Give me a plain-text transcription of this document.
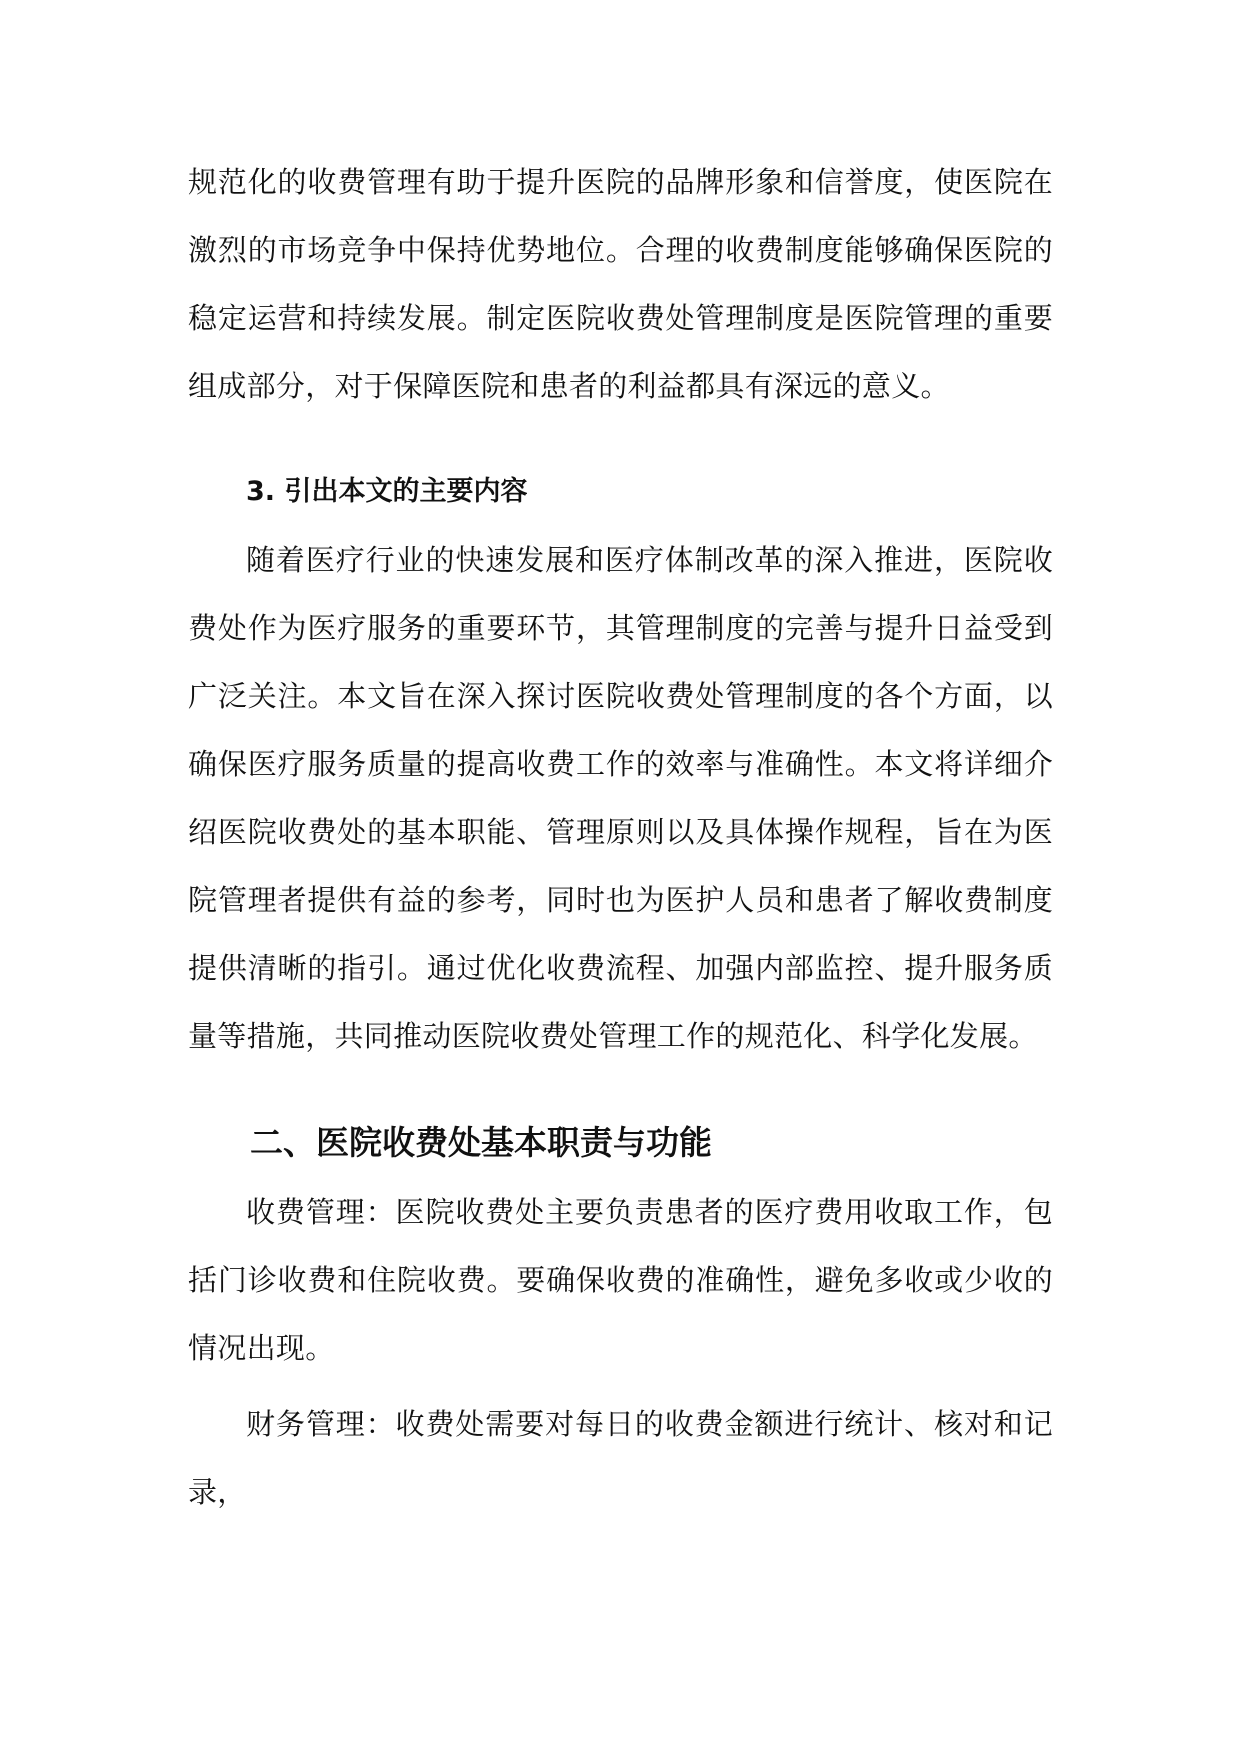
规范化的收费管理有助于提升医院的品牌形象和信誉度，使医院在激烈的市场竞争中保持优势地位。合理的收费制度能够确保医院的稳定运营和持续发展。制定医院收费处管理制度是医院管理的重要组成部分，对于保障医院和患者的利益都具有深远的意义。

3. 引出本文的主要内容

随着医疗行业的快速发展和医疗体制改革的深入推进，医院收费处作为医疗服务的重要环节，其管理制度的完善与提升日益受到广泛关注。本文旨在深入探讨医院收费处管理制度的各个方面，以确保医疗服务质量的提高收费工作的效率与准确性。本文将详细介绍医院收费处的基本职能、管理原则以及具体操作规程，旨在为医院管理者提供有益的参考，同时也为医护人员和患者了解收费制度提供清晰的指引。通过优化收费流程、加强内部监控、提升服务质量等措施，共同推动医院收费处管理工作的规范化、科学化发展。

二、医院收费处基本职责与功能

收费管理：医院收费处主要负责患者的医疗费用收取工作，包括门诊收费和住院收费。要确保收费的准确性，避免多收或少收的情况出现。

财务管理：收费处需要对每日的收费金额进行统计、核对和记录，
